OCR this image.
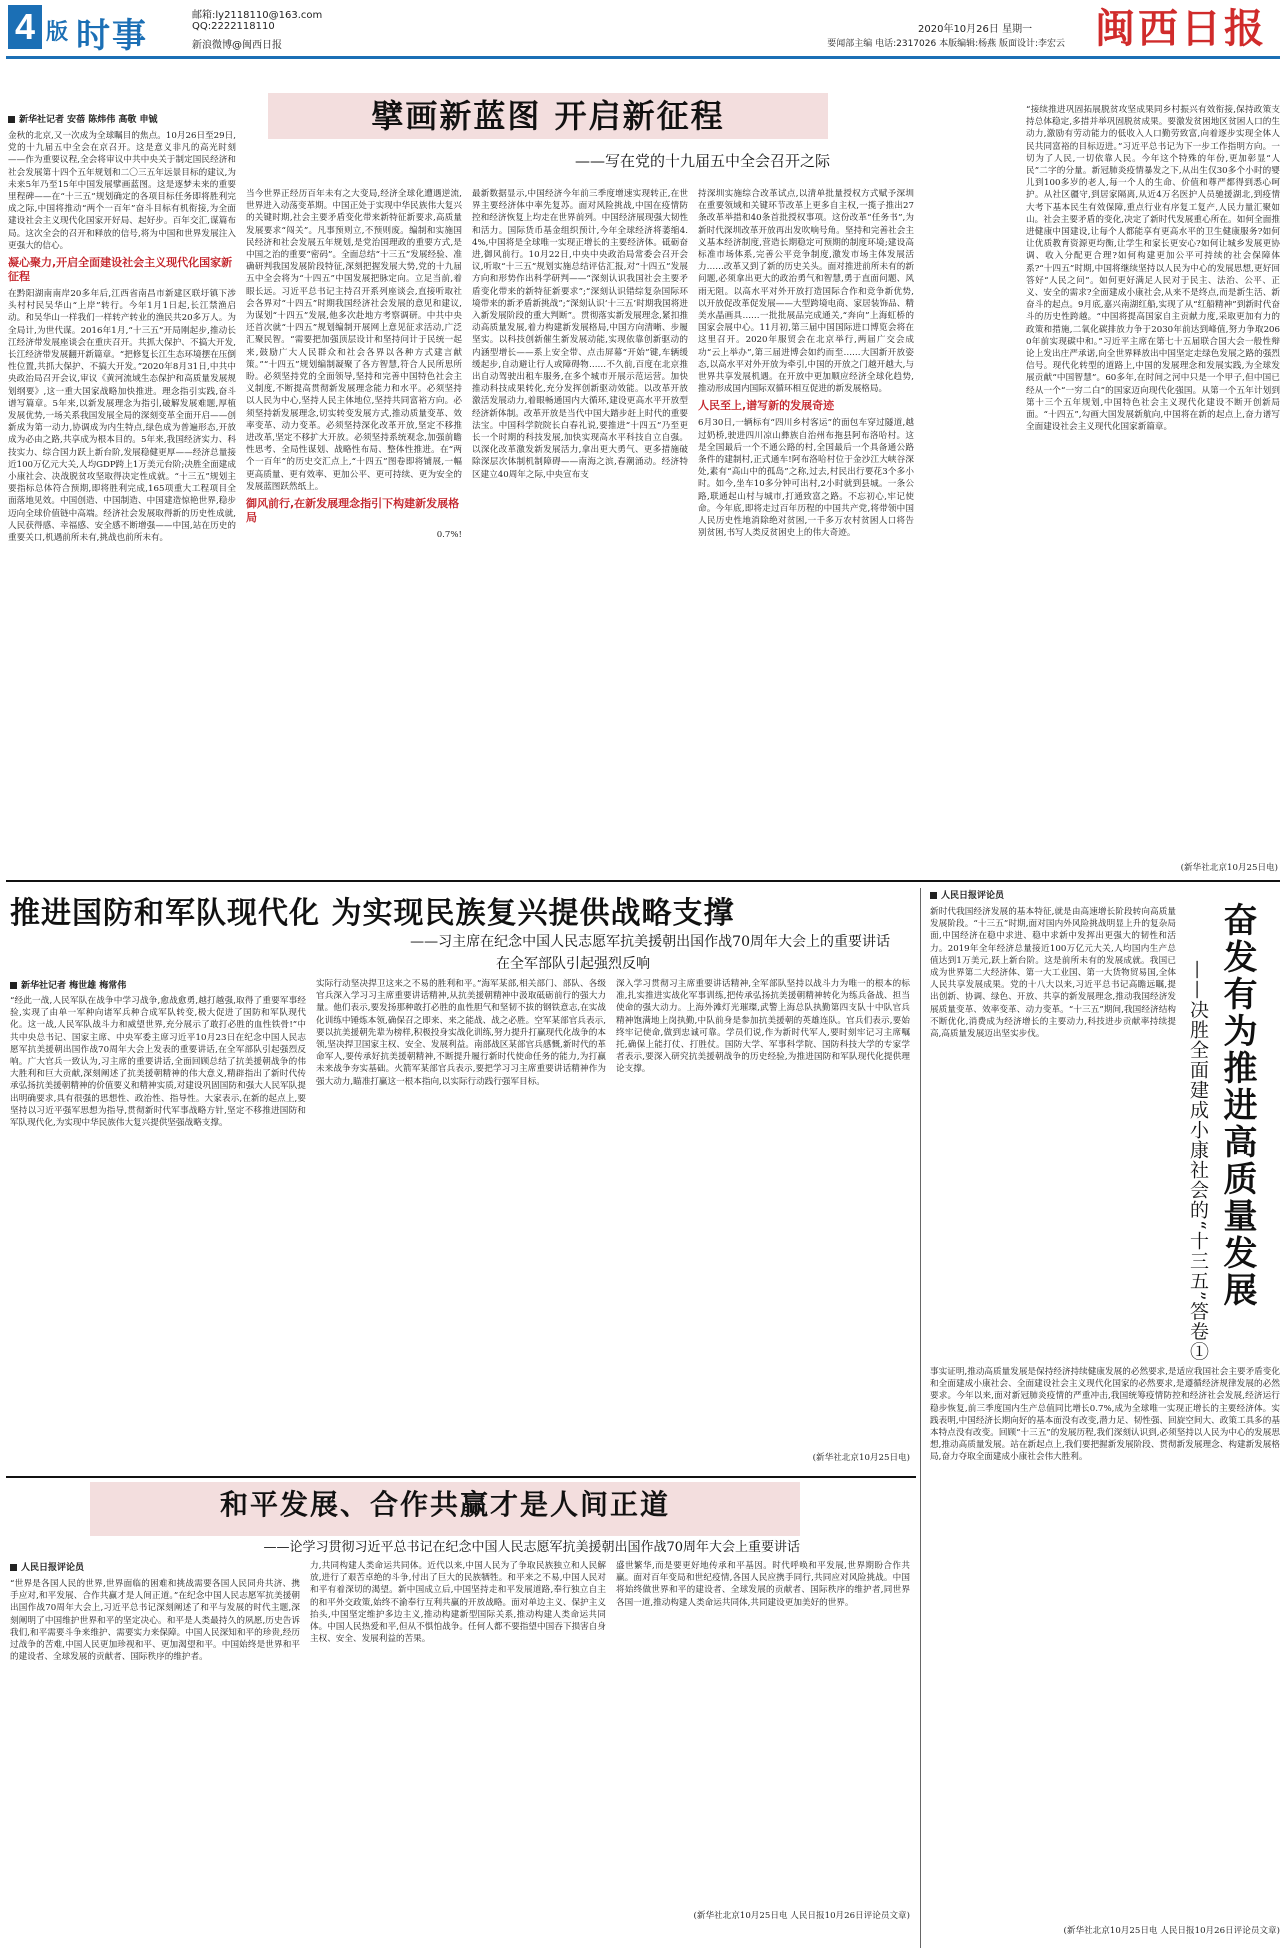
4 版 时事
邮箱:ly2118110@163.com
QQ:2222118110
新浪微博@闽西日报
2020年10月26日 星期一
要闻部主编 电话:2317026 本版编辑:杨燕 版面设计:李宏云 闽西日报
新华社记者 安蓓 陈炜伟 高敬 申铖	擘画新蓝图 开启新征程
——写在党的十九届五中全会召开之际
金秋的北京,又一次成为全球瞩目的焦点。10月26日至29日,党的十九届五中全会在京召开。这是意义非凡的高光时刻——作为重要议程,全会将审议中共中央关于制定国民经济和社会发展第十四个五年规划和二〇三五年远景目标的建议,为未来5年乃至15年中国发展擘画蓝图。这是逐梦未来的重要里程碑——在“十三五”规划确定的各项目标任务即将胜利完成之际,中国将推动“两个一百年”奋斗目标有机衔接,为全面建设社会主义现代化国家开好局、起好步。百年交汇,谋篇布局。这次全会的召开和释放的信号,将为中国和世界发展注入更强大的信心。
凝心聚力,开启全面建设社会主义现代化国家新征程
在黔阳湖南南岸20多年后,江西省南昌市新建区联圩镇下涉头村村民吴华山“上岸”转行。今年1月1日起,长江禁渔启动。和吴华山一样我们一样转产转业的渔民共20多万人。为全局计,为世代谋。2016年1月,“十三五”开局刚起步,推动长江经济带发展座谈会在重庆召开。共抓大保护、不搞大开发,长江经济带发展翻开新篇章。“把修复长江生态环境摆在压倒性位置,共抓大保护、不搞大开发。”2020年8月31日,中共中央政治局召开会议,审议《黄河流域生态保护和高质量发展规划纲要》,这一重大国家战略加快推进。理念指引实践,奋斗谱写篇章。5年来,以新发展理念为指引,破解发展难题,厚植发展优势,一场关系我国发展全局的深刻变革全面开启——创新成为第一动力,协调成为内生特点,绿色成为普遍形态,开放成为必由之路,共享成为根本目的。5年来,我国经济实力、科技实力、综合国力跃上新台阶,发展稳健更厚——经济总量接近100万亿元大关,人均GDP跨上1万美元台阶;决胜全面建成小康社会、决战脱贫攻坚取得决定性成就。“十三五”规划主要指标总体符合预期,即将胜利完成,165项重大工程项目全面落地见效。中国创造、中国制造、中国建造惊艳世界,稳步迈向全球价值链中高端。经济社会发展取得新的历史性成就,人民获得感、幸福感、安全感不断增强——中国,站在历史的重要关口,机遇前所未有,挑战也前所未有。
当今世界正经历百年未有之大变局,经济全球化遭遇逆流,世界进入动荡变革期。中国正处于实现中华民族伟大复兴的关键时期,社会主要矛盾变化带来新特征新要求,高质量发展要求“闯关”。凡事预则立,不预则废。编制和实施国民经济和社会发展五年规划,是党治国理政的重要方式,是中国之治的重要“密码”。全面总结“十三五”发展经验、准确研判我国发展阶段特征,深刻把握发展大势,党的十九届五中全会将为“十四五”中国发展把脉定向。立足当前,着眼长远。习近平总书记主持召开系列座谈会,直接听取社会各界对“十四五”时期我国经济社会发展的意见和建议,为谋划“十四五”发展,他多次赴地方考察调研。中共中央还首次就“十四五”规划编制开展网上意见征求活动,广泛汇聚民智。“需要把加强顶层设计和坚持问计于民统一起来,鼓励广大人民群众和社会各界以各种方式建言献策。”“十四五”规划编制凝聚了各方智慧,符合人民所思所盼。必须坚持党的全面领导,坚持和完善中国特色社会主义制度,不断提高贯彻新发展理念能力和水平。必须坚持以人民为中心,坚持人民主体地位,坚持共同富裕方向。必须坚持新发展理念,切实转变发展方式,推动质量变革、效率变革、动力变革。必须坚持深化改革开放,坚定不移推进改革,坚定不移扩大开放。必须坚持系统观念,加强前瞻性思考、全局性谋划、战略性布局、整体性推进。在“两个一百年”的历史交汇点上,“十四五”图卷即将铺展,一幅更高质量、更有效率、更加公平、更可持续、更为安全的发展蓝图跃然纸上。
御风前行,在新发展理念指引下构建新发展格局
0.7%!
最新数据显示,中国经济今年前三季度增速实现转正,在世界主要经济体中率先复苏。面对风险挑战,中国在疫情防控和经济恢复上均走在世界前列。中国经济展现强大韧性和活力。国际货币基金组织预计,今年全球经济将萎缩4.4%,中国将是全球唯一实现正增长的主要经济体。砥砺奋进,御风前行。10月22日,中央中央政治局常委会召开会议,听取“十三五”规划实施总结评估汇报,对“十四五”发展方向和形势作出科学研判——“深刻认识我国社会主要矛盾变化带来的新特征新要求”;“深刻认识错综复杂国际环境带来的新矛盾新挑战”;“深刻认识‘十三五’时期我国将进入新发展阶段的重大判断”。贯彻落实新发展理念,紧扣推动高质量发展,着力构建新发展格局,中国方向清晰、步履坚实。以科技创新催生新发展动能,实现依靠创新驱动的内涵型增长——系上安全带、点击屏幕“开始”键,车辆缓缓起步,自动避让行人或障碍物……不久前,百度在北京推出自动驾驶出租车服务,在多个城市开展示范运营。加快推动科技成果转化,充分发挥创新驱动效能。以改革开放激活发展动力,着眼畅通国内大循环,建设更高水平开放型经济新体制。改革开放是当代中国大踏步赶上时代的重要法宝。中国科学院院长白春礼说,要推进“十四五”乃至更长一个时期的科技发展,加快实现高水平科技自立自强。以深化改革激发新发展活力,拿出更大勇气、更多措施破除深层次体制机制障碍——南海之滨,春潮涌动。经济特区建立40周年之际,中央宣布支
持深圳实施综合改革试点,以清单批量授权方式赋予深圳在重要领域和关键环节改革上更多自主权,一揽子推出27条改革举措和40条首批授权事项。这份改革“任务书”,为新时代深圳改革开放再出发吹响号角。坚持和完善社会主义基本经济制度,营造长期稳定可预期的制度环境;建设高标准市场体系,完善公平竞争制度,激发市场主体发展活力……改革又到了新的历史关头。面对推进前所未有的新问题,必须拿出更大的政治勇气和智慧,勇于直面问题、风雨无阻。以高水平对外开放打造国际合作和竞争新优势,以开放促改革促发展——大型跨境电商、家居装饰品、精美水晶画具……一批批展品完成通关,“奔向”上海虹桥的国家会展中心。11月初,第三届中国国际进口博览会将在这里召开。2020年服贸会在北京举行,两届广交会成功“云上举办”,第三届进博会如约而至……大国新开放姿态,以高水平对外开放为牵引,中国的开放之门越开越大,与世界共享发展机遇。在开放中更加顺应经济全球化趋势,推动形成国内国际双循环相互促进的新发展格局。
人民至上,谱写新的发展奇迹
6月30日,一辆标有“四川乡村客运”的面包车穿过隧道,越过奶桥,驶进四川凉山彝族自治州布拖县阿布洛哈村。这是全国最后一个不通公路的村,全国最后一个具备通公路条件的建制村,正式通车!阿布洛哈村位于金沙江大峡谷深处,素有“高山中的孤岛”之称,过去,村民出行要花3个多小时。如今,坐车10多分钟可出村,2小时就到县城。一条公路,联通起山村与城市,打通致富之路。不忘初心,牢记使命。今年底,即将走过百年历程的中国共产党,将带领中国人民历史性地消除绝对贫困,一千多万农村贫困人口将告别贫困,书写人类反贫困史上的伟大奇迹。
“接续推进巩固拓展脱贫攻坚成果同乡村振兴有效衔接,保持政策支持总体稳定,多措并举巩固脱贫成果。要激发贫困地区贫困人口的生动力,激励有劳动能力的低收入人口勤劳致富,向着逐步实现全体人民共同富裕的目标迈进。”习近平总书记为下一步工作指明方向。一切为了人民,一切依靠人民。今年这个特殊的年份,更加彰显“人民”二字的分量。新冠肺炎疫情暴发之下,从出生仅30多个小时的婴儿到100多岁的老人,每一个人的生命、价值和尊严都得到悉心呵护。从社区疆守,到居家隔离,从近4万名医护人员驰援湖北,到疫情大考下基本民生有效保障,重点行业有序复工复产,人民力量汇聚如山。社会主要矛盾的变化,决定了新时代发展重心所在。如何全面推进健康中国建设,让每个人都能享有更高水平的卫生健康服务?如何让优质教育资源更均衡,让学生和家长更安心?如何让城乡发展更协调、收入分配更合理?如何构建更加公平可持续的社会保障体系?“十四五”时期,中国将继续坚持以人民为中心的发展思想,更好回答好“人民之问”。如何更好满足人民对于民主、法治、公平、正义、安全的需求?全面建成小康社会,从来不是终点,而是新生活、新奋斗的起点。9月底,嘉兴南湖红船,实现了从“红船精神”到新时代奋斗的历史性跨越。“中国将提高国家自主贡献力度,采取更加有力的政策和措施,二氧化碳排放力争于2030年前达到峰值,努力争取2060年前实现碳中和。”习近平主席在第七十五届联合国大会一般性辩论上发出庄严承诺,向全世界释放出中国坚定走绿色发展之路的强烈信号。现代化转型的道路上,中国的发展理念和发展实践,为全球发展贡献“中国智慧”。60多年,在时间之河中只是一个甲子,但中国已经从一个“一穷二白”的国家迈向现代化强国。从第一个五年计划到第十三个五年规划,中国特色社会主义现代化建设不断开创新局面。“十四五”,勾画大国发展新航向,中国将在新的起点上,奋力谱写全面建设社会主义现代化国家新篇章。
(新华社北京10月25日电)
推进国防和军队现代化 为实现民族复兴提供战略支撑
——习主席在纪念中国人民志愿军抗美援朝出国作战70周年大会上的重要讲话
在全军部队引起强烈反响
新华社记者 梅世雄 梅常伟
“经此一战,人民军队在战争中学习战争,愈战愈勇,越打越强,取得了重要军事经验,实现了由单一军种向诸军兵种合成军队转变,极大促进了国防和军队现代化。这一战,人民军队战斗力和威望世界,充分展示了敢打必胜的血性铁骨!”中共中央总书记、国家主席、中央军委主席习近平10月23日在纪念中国人民志愿军抗美援朝出国作战70周年大会上发表的重要讲话,在全军部队引起强烈反响。广大官兵一致认为,习主席的重要讲话,全面回顾总结了抗美援朝战争的伟大胜利和巨大贡献,深刻阐述了抗美援朝精神的伟大意义,精辟指出了新时代传承弘扬抗美援朝精神的价值要义和精神实质,对建设巩固国防和强大人民军队提出明确要求,具有很强的思想性、政治性、指导性。大家表示,在新的起点上,要坚持以习近平强军思想为指导,贯彻新时代军事战略方针,坚定不移推进国防和军队现代化,为实现中华民族伟大复兴提供坚强战略支撑。
实际行动坚决捍卫这来之不易的胜利和平。”海军某部,相关部门、部队、各级官兵深入学习习主席重要讲话精神,从抗美援朝精神中汲取砥砺前行的强大力量。他们表示,要发扬那种敢打必胜的血性胆气和坚韧不拔的钢铁意志,在实战化训练中锤炼本领,确保召之即来、来之能战、战之必胜。空军某部官兵表示,要以抗美援朝先辈为榜样,积极投身实战化训练,努力提升打赢现代化战争的本领,坚决捍卫国家主权、安全、发展利益。南部战区某部官兵感慨,新时代的革命军人,要传承好抗美援朝精神,不断提升履行新时代使命任务的能力,为打赢未来战争夯实基础。火箭军某部官兵表示,要把学习习主席重要讲话精神作为强大动力,瞄准打赢这一根本指向,以实际行动践行强军目标。
深入学习贯彻习主席重要讲话精神,全军部队坚持以战斗力为唯一的根本的标准,扎实推进实战化军事训练,把传承弘扬抗美援朝精神转化为练兵备战、担当使命的强大动力。上海外滩灯光璀璨,武警上海总队执勤第四支队十中队官兵精神饱满地上岗执勤,中队前身是参加抗美援朝的英雄连队。官兵们表示,要始终牢记使命,做到忠诚可靠。学员们说,作为新时代军人,要时刻牢记习主席嘱托,确保上能打仗、打胜仗。国防大学、军事科学院、国防科技大学的专家学者表示,要深入研究抗美援朝战争的历史经验,为推进国防和军队现代化提供理论支撑。
(新华社北京10月25日电)
人民日报评论员
奋发有为推进高质量发展
——决胜全面建成小康社会的“十三五”答卷①
新时代我国经济发展的基本特征,就是由高速增长阶段转向高质量发展阶段。“十三五”时期,面对国内外风险挑战明显上升的复杂局面,中国经济在稳中求进、稳中求新中发挥出更强大的韧性和活力。2019年全年经济总量接近100万亿元大关,人均国内生产总值达到1万美元,跃上新台阶。这是前所未有的发展成就。我国已成为世界第二大经济体、第一大工业国、第一大货物贸易国,全体人民共享发展成果。党的十八大以来,习近平总书记高瞻远瞩,提出创新、协调、绿色、开放、共享的新发展理念,推动我国经济发展质量变革、效率变革、动力变革。“十三五”期间,我国经济结构不断优化,消费成为经济增长的主要动力,科技进步贡献率持续提高,高质量发展迈出坚实步伐。
事实证明,推动高质量发展是保持经济持续健康发展的必然要求,是适应我国社会主要矛盾变化和全面建成小康社会、全面建设社会主义现代化国家的必然要求,是遵循经济规律发展的必然要求。今年以来,面对新冠肺炎疫情的严重冲击,我国统筹疫情防控和经济社会发展,经济运行稳步恢复,前三季度国内生产总值同比增长0.7%,成为全球唯一实现正增长的主要经济体。实践表明,中国经济长期向好的基本面没有改变,潜力足、韧性强、回旋空间大、政策工具多的基本特点没有改变。回顾“十三五”的发展历程,我们深刻认识到,必须坚持以人民为中心的发展思想,推动高质量发展。站在新起点上,我们要把握新发展阶段、贯彻新发展理念、构建新发展格局,奋力夺取全面建成小康社会伟大胜利。
(新华社北京10月25日电 人民日报10月26日评论员文章)
和平发展、合作共赢才是人间正道
——论学习贯彻习近平总书记在纪念中国人民志愿军抗美援朝出国作战70周年大会上重要讲话
人民日报评论员
“世界是各国人民的世界,世界面临的困难和挑战需要各国人民同舟共济、携手应对,和平发展、合作共赢才是人间正道。”在纪念中国人民志愿军抗美援朝出国作战70周年大会上,习近平总书记深刻阐述了和平与发展的时代主题,深刻阐明了中国维护世界和平的坚定决心。和平是人类最持久的夙愿,历史告诉我们,和平需要斗争来维护、需要实力来保障。中国人民深知和平的珍贵,经历过战争的苦难,中国人民更加珍视和平、更加渴望和平。中国始终是世界和平的建设者、全球发展的贡献者、国际秩序的维护者。
力,共同构建人类命运共同体。近代以来,中国人民为了争取民族独立和人民解放,进行了艰苦卓绝的斗争,付出了巨大的民族牺牲。和平来之不易,中国人民对和平有着深切的渴望。新中国成立后,中国坚持走和平发展道路,奉行独立自主的和平外交政策,始终不渝奉行互利共赢的开放战略。面对单边主义、保护主义抬头,中国坚定维护多边主义,推动构建新型国际关系,推动构建人类命运共同体。中国人民热爱和平,但从不惧怕战争。任何人都不要指望中国吞下损害自身主权、安全、发展利益的苦果。
盛世繁华,而是要更好地传承和平基因。时代呼唤和平发展,世界期盼合作共赢。面对百年变局和世纪疫情,各国人民应携手同行,共同应对风险挑战。中国将始终做世界和平的建设者、全球发展的贡献者、国际秩序的维护者,同世界各国一道,推动构建人类命运共同体,共同建设更加美好的世界。
(新华社北京10月25日电 人民日报10月26日评论员文章)
